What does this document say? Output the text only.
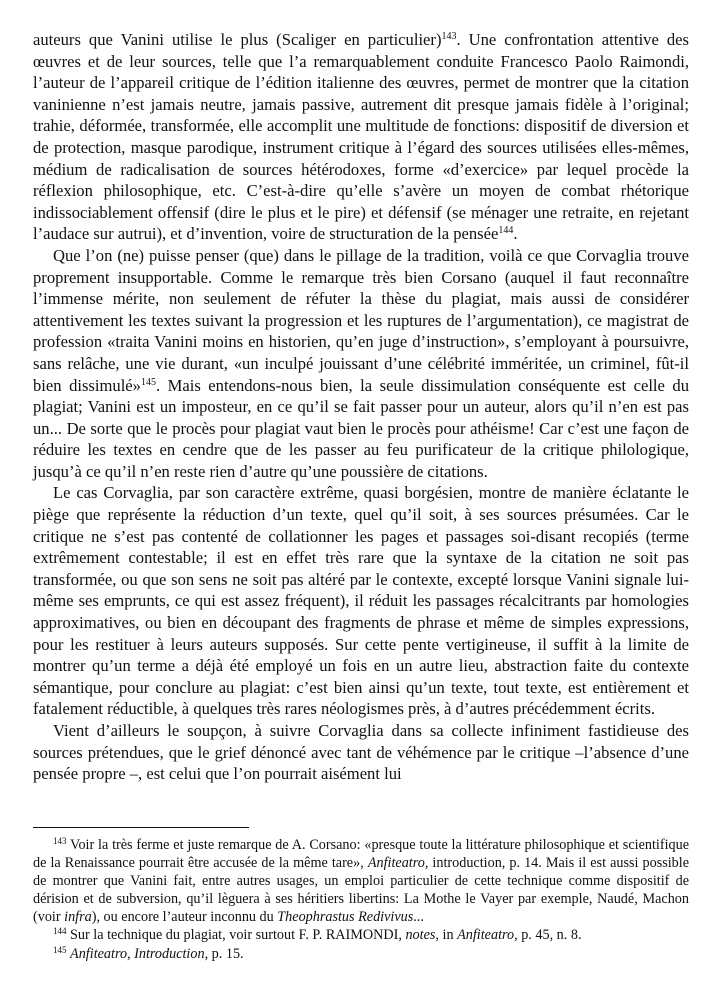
auteurs que Vanini utilise le plus (Scaliger en particulier)$^{143}$. Une confrontation attentive des œuvres et de leur sources, telle que l’a remarquablement conduite Francesco Paolo Raimondi, l’auteur de l’appareil critique de l’édition italienne des œuvres, permet de montrer que la citation vaninienne n’est jamais neutre, jamais passive, autrement dit presque jamais fidèle à l’original; trahie, déformée, transformée, elle accomplit une multitude de fonctions: dispositif de diversion et de protection, masque parodique, instrument critique à l’égard des sources utilisées elles-mêmes, médium de radicalisation de sources hétérodoxes, forme «d’exercice» par lequel procède la réflexion philosophique, etc. C’est-à-dire qu’elle s’avère un moyen de combat rhétorique indissociablement offensif (dire le plus et le pire) et défensif (se ménager une retraite, en rejetant l’audace sur autrui), et d’invention, voire de structuration de la pensée$^{144}$.

Que l’on (ne) puisse penser (que) dans le pillage de la tradition, voilà ce que Corvaglia trouve proprement insupportable. Comme le remarque très bien Corsano (auquel il faut reconnaître l’immense mérite, non seulement de réfuter la thèse du plagiat, mais aussi de considérer attentivement les textes suivant la progression et les ruptures de l’argumentation), ce magistrat de profession «traita Vanini moins en historien, qu’en juge d’instruction», s’employant à poursuivre, sans relâche, une vie durant, «un inculpé jouissant d’une célébrité imméritée, un criminel, fût-il bien dissimulé»$^{145}$. Mais entendons-nous bien, la seule dissimulation conséquente est celle du plagiat; Vanini est un imposteur, en ce qu’il se fait passer pour un auteur, alors qu’il n’en est pas un... De sorte que le procès pour plagiat vaut bien le procès pour athéisme! Car c’est une façon de réduire les textes en cendre que de les passer au feu purificateur de la critique philologique, jusqu’à ce qu’il n’en reste rien d’autre qu’une poussière de citations.

Le cas Corvaglia, par son caractère extrême, quasi borgésien, montre de manière éclatante le piège que représente la réduction d’un texte, quel qu’il soit, à ses sources présumées. Car le critique ne s’est pas contenté de collationner les pages et passages soi-disant recopiés (terme extrêmement contestable; il est en effet très rare que la syntaxe de la citation ne soit pas transformée, ou que son sens ne soit pas altéré par le contexte, excepté lorsque Vanini signale lui-même ses emprunts, ce qui est assez fréquent), il réduit les passages récalcitrants par homologies approximatives, ou bien en découpant des fragments de phrase et même de simples expressions, pour les restituer à leurs auteurs supposés. Sur cette pente vertigineuse, il suffit à la limite de montrer qu’un terme a déjà été employé un fois en un autre lieu, abstraction faite du contexte sémantique, pour conclure au plagiat: c’est bien ainsi qu’un texte, tout texte, est entièrement et fatalement réductible, à quelques très rares néologismes près, à d’autres précédemment écrits.

Vient d’ailleurs le soupçon, à suivre Corvaglia dans sa collecte infiniment fastidieuse des sources prétendues, que le grief dénoncé avec tant de véhémence par le critique –l’absence d’une pensée propre –, est celui que l’on pourrait aisément lui

$^{143}$ Voir la très ferme et juste remarque de A. Corsano: «presque toute la littérature philosophique et scientifique de la Renaissance pourrait être accusée de la même tare», Anfiteatro, introduction, p. 14. Mais il est aussi possible de montrer que Vanini fait, entre autres usages, un emploi particulier de cette technique comme dispositif de dérision et de subversion, qu’il lèguera à ses héritiers libertins: La Mothe le Vayer par exemple, Naudé, Machon (voir infra), ou encore l’auteur inconnu du Theophrastus Redivivus...

$^{144}$ Sur la technique du plagiat, voir surtout F. P. RAIMONDI, notes, in Anfiteatro, p. 45, n. 8.

$^{145}$ Anfiteatro, Introduction, p. 15.
